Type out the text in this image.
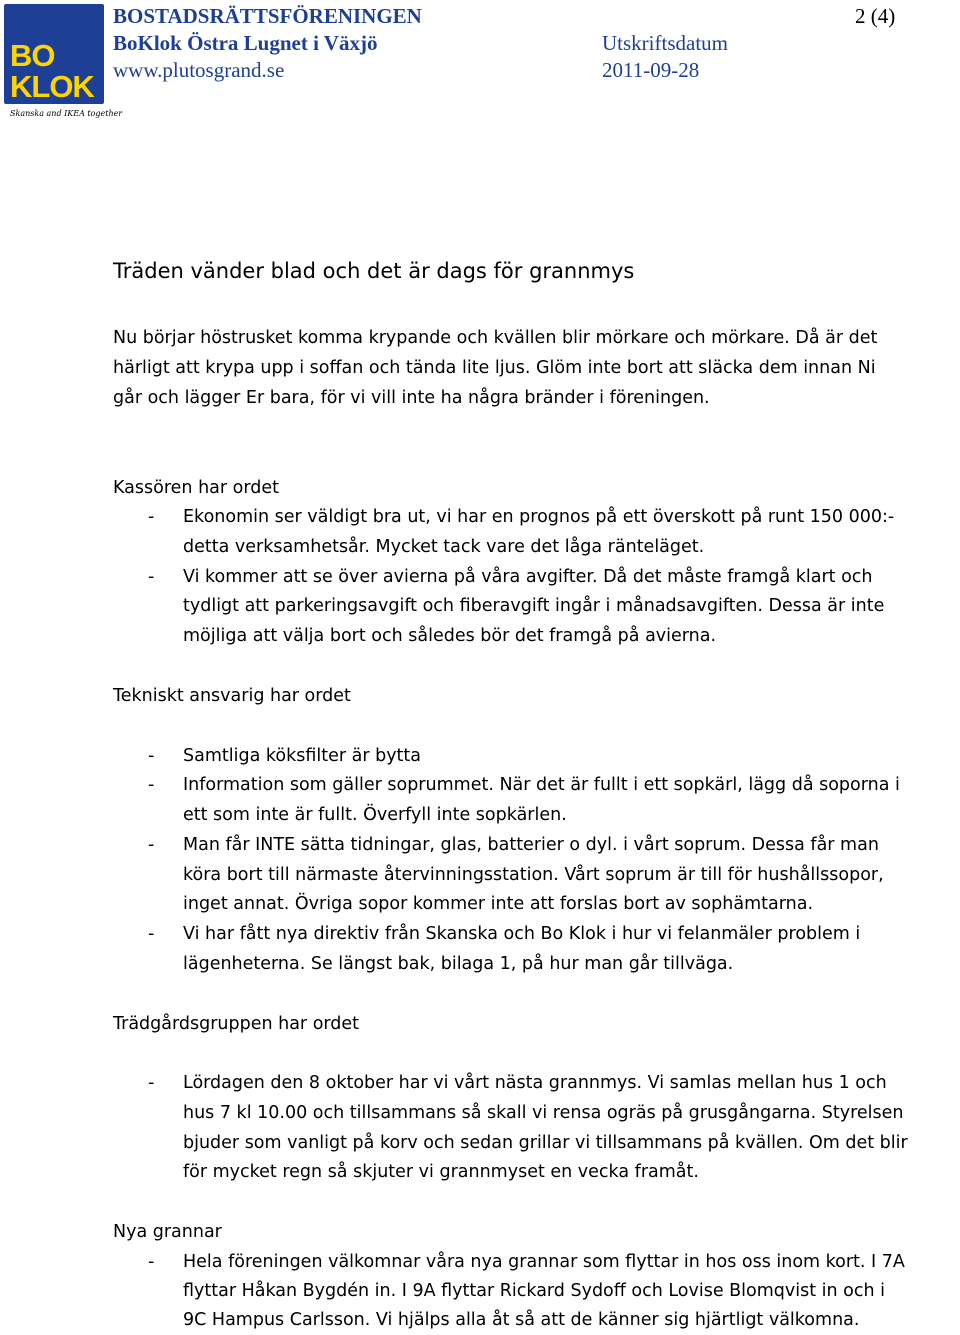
BO
KLOK
Skanska and IKEA together
BOSTADSRÄTTSFÖRENINGEN
BoKlok Östra Lugnet i Växjö
www.plutosgrand.se
Utskriftsdatum
2011-09-28
2 (4)
Träden vänder blad och det är dags för grannmys
Nu börjar höstrusket komma krypande och kvällen blir mörkare och mörkare. Då är det
härligt att krypa upp i soffan och tända lite ljus. Glöm inte bort att släcka dem innan Ni
går och lägger Er bara, för vi vill inte ha några bränder i föreningen.
Kassören har ordet
- Ekonomin ser väldigt bra ut, vi har en prognos på ett överskott på runt 150 000:-
detta verksamhetsår. Mycket tack vare det låga ränteläget.
- Vi kommer att se över avierna på våra avgifter. Då det måste framgå klart och
tydligt att parkeringsavgift och fiberavgift ingår i månadsavgiften. Dessa är inte
möjliga att välja bort och således bör det framgå på avierna.
Tekniskt ansvarig har ordet
- Samtliga köksfilter är bytta
- Information som gäller soprummet. När det är fullt i ett sopkärl, lägg då soporna i
ett som inte är fullt. Överfyll inte sopkärlen.
- Man får INTE sätta tidningar, glas, batterier o dyl. i vårt soprum. Dessa får man
köra bort till närmaste återvinningsstation. Vårt soprum är till för hushållssopor,
inget annat. Övriga sopor kommer inte att forslas bort av sophämtarna.
- Vi har fått nya direktiv från Skanska och Bo Klok i hur vi felanmäler problem i
lägenheterna. Se längst bak, bilaga 1, på hur man går tillväga.
Trädgårdsgruppen har ordet
- Lördagen den 8 oktober har vi vårt nästa grannmys. Vi samlas mellan hus 1 och
hus 7 kl 10.00 och tillsammans så skall vi rensa ogräs på grusgångarna. Styrelsen
bjuder som vanligt på korv och sedan grillar vi tillsammans på kvällen. Om det blir
för mycket regn så skjuter vi grannmyset en vecka framåt.
Nya grannar
- Hela föreningen välkomnar våra nya grannar som flyttar in hos oss inom kort. I 7A
flyttar Håkan Bygdén in. I 9A flyttar Rickard Sydoff och Lovise Blomqvist in och i
9C Hampus Carlsson. Vi hjälps alla åt så att de känner sig hjärtligt välkomna.
